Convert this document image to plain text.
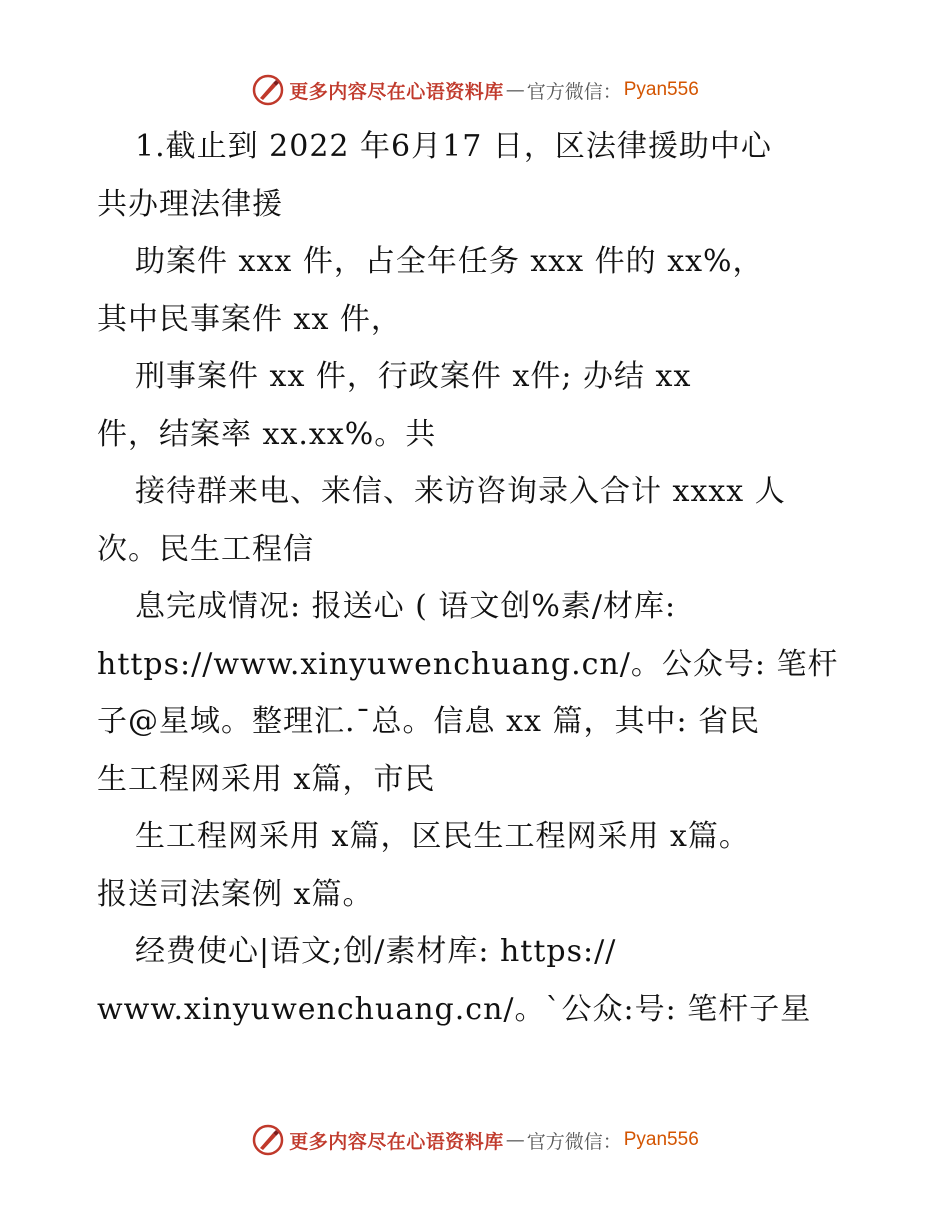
更多内容尽在心语资料库 — 官方微信： Pyan556
1.截止到 2022 年6月17 日，区法律援助中心
共办理法律援
助案件 xxx 件，占全年任务 xxx 件的 xx%，
其中民事案件 xx 件，
刑事案件 xx 件，行政案件 x件; 办结 xx
件，结案率 xx.xx%。共
接待群来电、来信、来访咨询录入合计 xxxx 人
次。民生工程信
息完成情况: 报送心 ( 语文创%素/材库:
https://www.xinyuwenchuang.cn/。公众号: 笔杆
子@星域。整理汇.¯总。信息 xx 篇，其中: 省民
生工程网采用 x篇，市民
生工程网采用 x篇，区民生工程网采用 x篇。
报送司法案例 x篇。
经费使心|语文;创/素材库: https://
www.xinyuwenchuang.cn/。`公众:号: 笔杆子星
更多内容尽在心语资料库 — 官方微信： Pyan556
